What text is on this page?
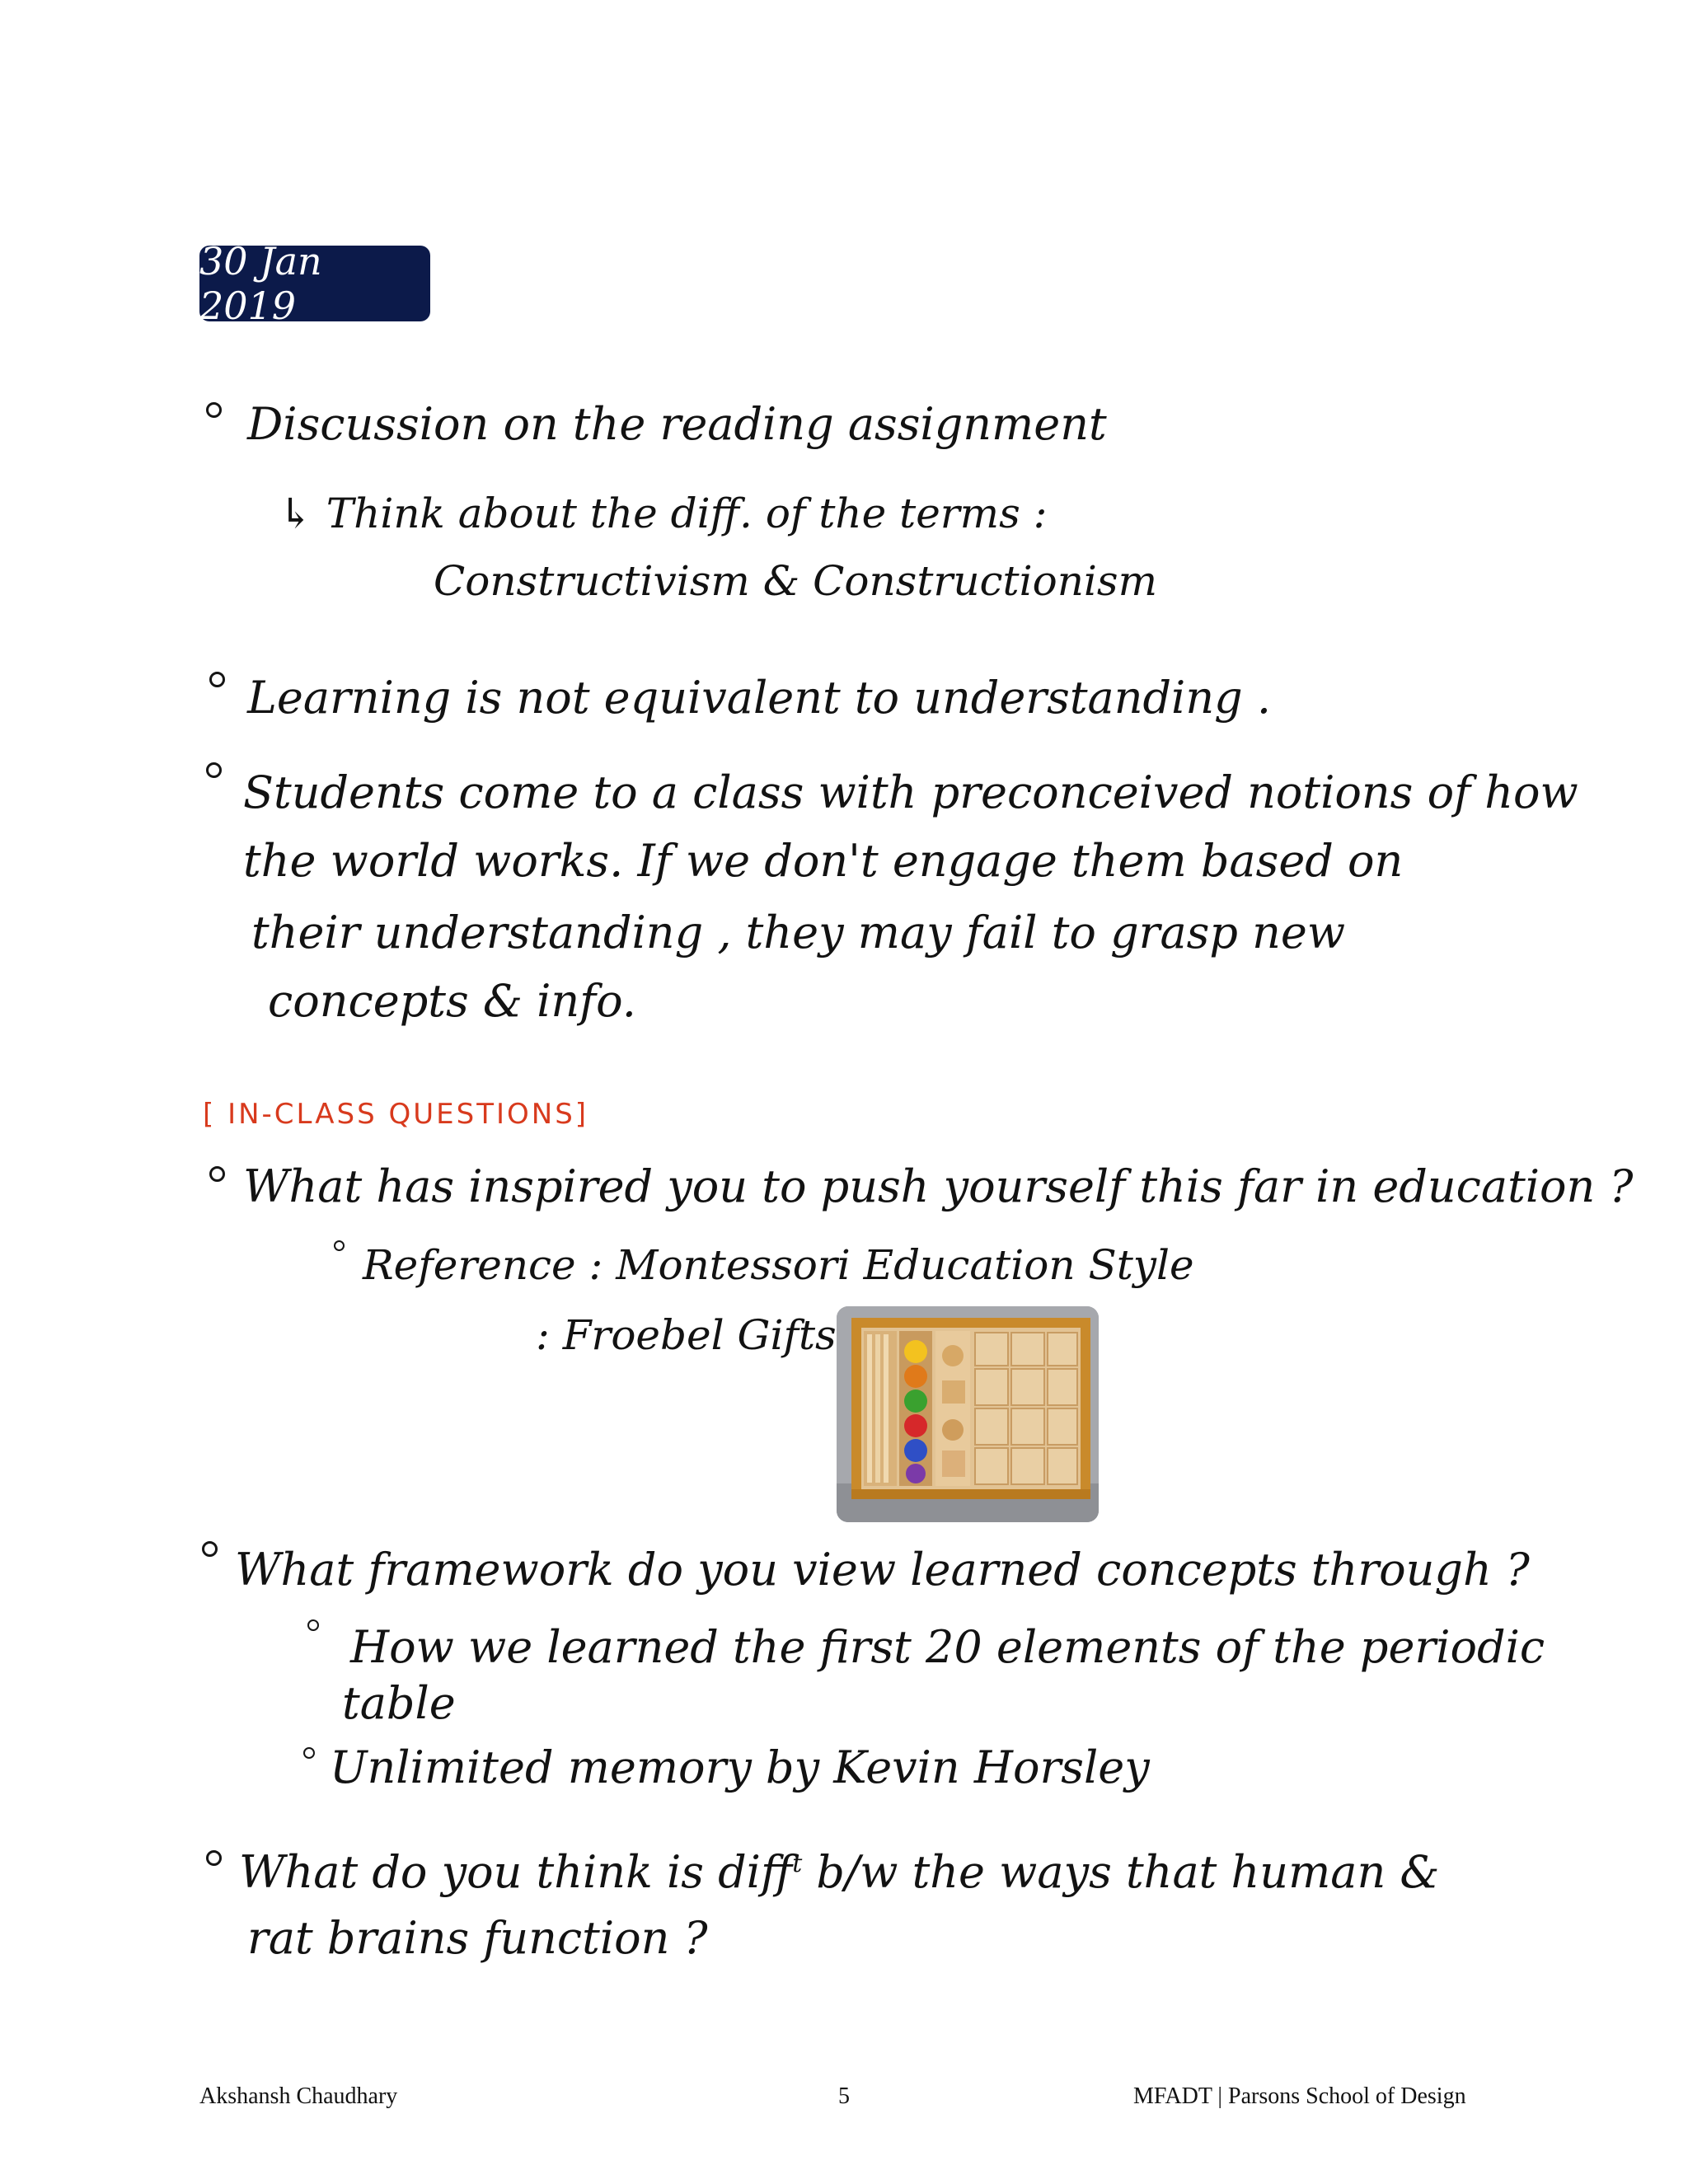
30 Jan 2019
Discussion on the reading assignment
↳ Think about the diff. of the terms :
Constructivism & Constructionism
Learning is not equivalent to understanding .
Students come to a class with preconceived notions of how
the world works. If we don't engage them based on
their understanding , they may fail to grasp new
concepts & info.
[ IN-CLASS QUESTIONS]
What has inspired you to push yourself this far in education ?
Reference : Montessori Education Style
: Froebel Gifts
What framework do you view learned concepts through ?
How we learned the first 20 elements of the periodic
table
Unlimited memory by Kevin Horsley
What do you think is diff$^t$ b/w the ways that human &
rat brains function ?
Akshansh Chaudhary	5	MFADT | Parsons School of Design
